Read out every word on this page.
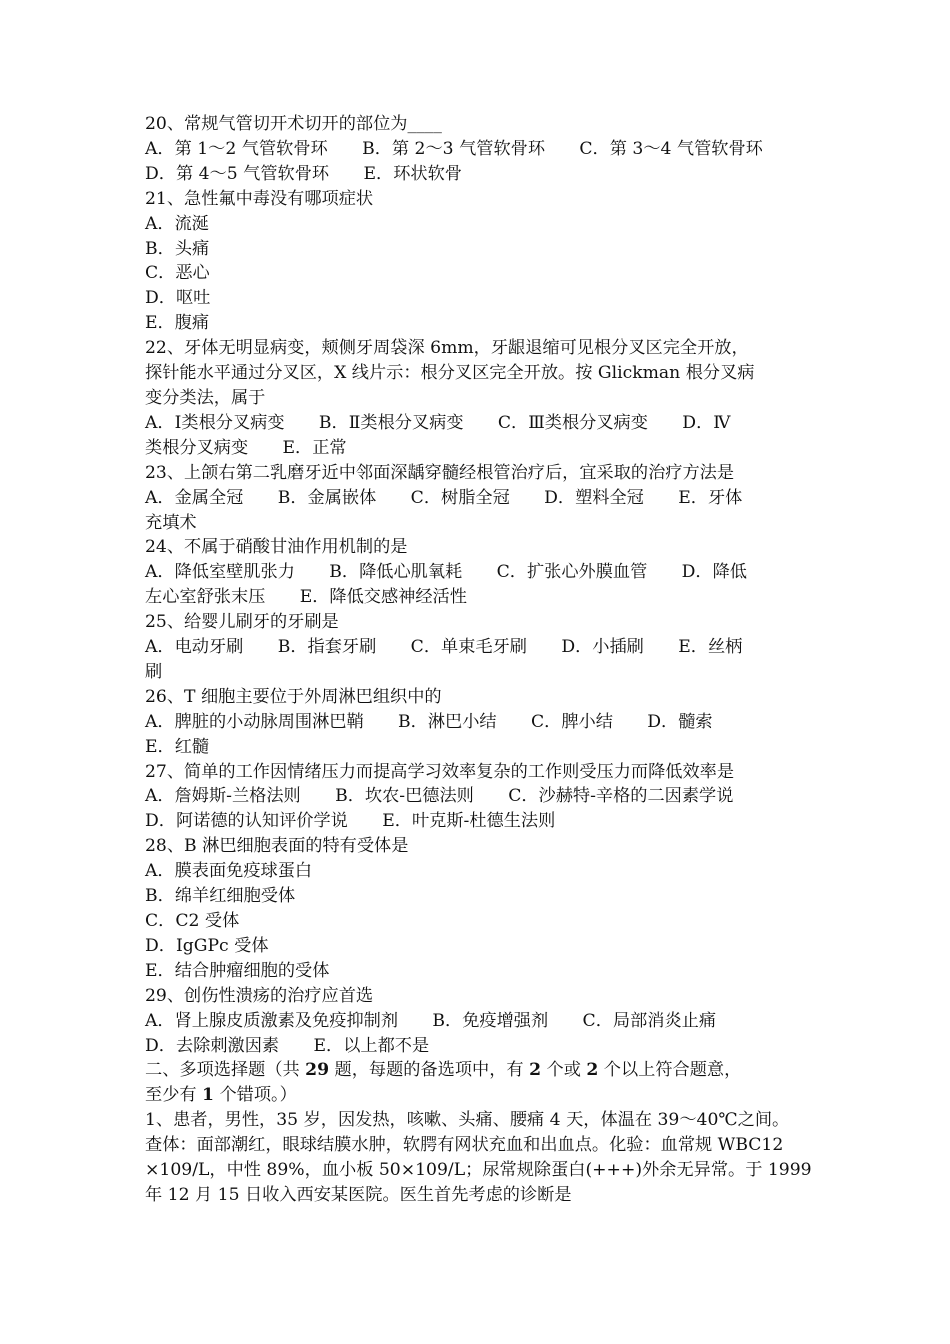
20、常规气管切开术切开的部位为____
A．第 1～2 气管软骨环　　B．第 2～3 气管软骨环　　C．第 3～4 气管软骨环
D．第 4～5 气管软骨环　　E．环状软骨
21、急性氟中毒没有哪项症状
A．流涎
B．头痛
C．恶心
D．呕吐
E．腹痛
22、牙体无明显病变，颊侧牙周袋深 6mm，牙龈退缩可见根分叉区完全开放，
探针能水平通过分叉区，X 线片示：根分叉区完全开放。按 Glickman 根分叉病
变分类法，属于
A．Ⅰ类根分叉病变　　B．Ⅱ类根分叉病变　　C．Ⅲ类根分叉病变　　D．Ⅳ
类根分叉病变　　E．正常
23、上颌右第二乳磨牙近中邻面深龋穿髓经根管治疗后，宜采取的治疗方法是
A．金属全冠　　B．金属嵌体　　C．树脂全冠　　D．塑料全冠　　E．牙体
充填术
24、不属于硝酸甘油作用机制的是
A．降低室壁肌张力　　B．降低心肌氧耗　　C．扩张心外膜血管　　D．降低
左心室舒张末压　　E．降低交感神经活性
25、给婴儿刷牙的牙刷是
A．电动牙刷　　B．指套牙刷　　C．单束毛牙刷　　D．小插刷　　E．丝柄
刷
26、T 细胞主要位于外周淋巴组织中的
A．脾脏的小动脉周围淋巴鞘　　B．淋巴小结　　C．脾小结　　D．髓索
E．红髓
27、简单的工作因情绪压力而提高学习效率复杂的工作则受压力而降低效率是
A．詹姆斯-兰格法则　　B．坎农-巴德法则　　C．沙赫特-辛格的二因素学说
D．阿诺德的认知评价学说　　E．叶克斯-杜德生法则
28、B 淋巴细胞表面的特有受体是
A．膜表面免疫球蛋白
B．绵羊红细胞受体
C．C2 受体
D．IgGPc 受体
E．结合肿瘤细胞的受体
29、创伤性溃疡的治疗应首选
A．肾上腺皮质激素及免疫抑制剂　　B．免疫增强剂　　C．局部消炎止痛
D．去除刺激因素　　E．以上都不是
二、多项选择题（共 29 题，每题的备选项中，有 2 个或 2 个以上符合题意，
至少有 1 个错项。）
1、患者，男性，35 岁，因发热，咳嗽、头痛、腰痛 4 天，体温在 39～40℃之间。
查体：面部潮红，眼球结膜水肿，软腭有网状充血和出血点。化验：血常规 WBC12
×109/L，中性 89%，血小板 50×109/L；尿常规除蛋白(+++)外余无异常。于 1999
年 12 月 15 日收入西安某医院。医生首先考虑的诊断是
